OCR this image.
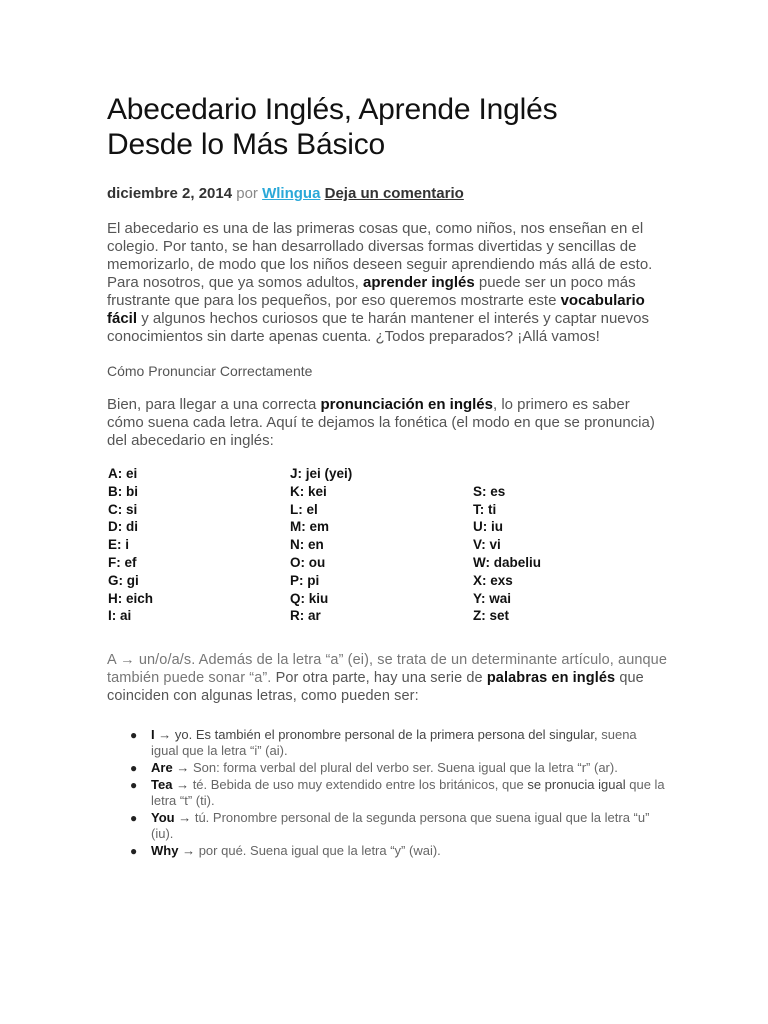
Abecedario Inglés, Aprende Inglés
Desde lo Más Básico
diciembre 2, 2014 por Wlingua Deja un comentario

El abecedario es una de las primeras cosas que, como niños, nos enseñan en el colegio. Por tanto, se han desarrollado diversas formas divertidas y sencillas de memorizarlo, de modo que los niños deseen seguir aprendiendo más allá de esto. Para nosotros, que ya somos adultos, aprender inglés puede ser un poco más frustrante que para los pequeños, por eso queremos mostrarte este vocabulario fácil y algunos hechos curiosos que te harán mantener el interés y captar nuevos conocimientos sin darte apenas cuenta. ¿Todos preparados? ¡Allá vamos!

Cómo Pronunciar Correctamente

Bien, para llegar a una correcta pronunciación en inglés, lo primero es saber cómo suena cada letra. Aquí te dejamos la fonética (el modo en que se pronuncia) del abecedario en inglés:

A: ei
B: bi
C: si
D: di
E: i
F: ef
G: gi
H: eich
I: ai
J: jei (yei)
K: kei
L: el
M: em
N: en
O: ou
P: pi
Q: kiu
R: ar
S: es
T: ti
U: iu
V: vi
W: dabeliu
X: exs
Y: wai
Z: set

A → un/o/a/s. Además de la letra “a” (ei), se trata de un determinante artículo, aunque también puede sonar “a”. Por otra parte, hay una serie de palabras en inglés que coinciden con algunas letras, como pueden ser:

● I → yo. Es también el pronombre personal de la primera persona del singular, suena igual que la letra “i” (ai).
● Are → Son: forma verbal del plural del verbo ser. Suena igual que la letra “r” (ar).
● Tea → té. Bebida de uso muy extendido entre los británicos, que se pronucia igual que la letra “t” (ti).
● You → tú. Pronombre personal de la segunda persona que suena igual que la letra “u” (iu).
● Why → por qué. Suena igual que la letra “y” (wai).
